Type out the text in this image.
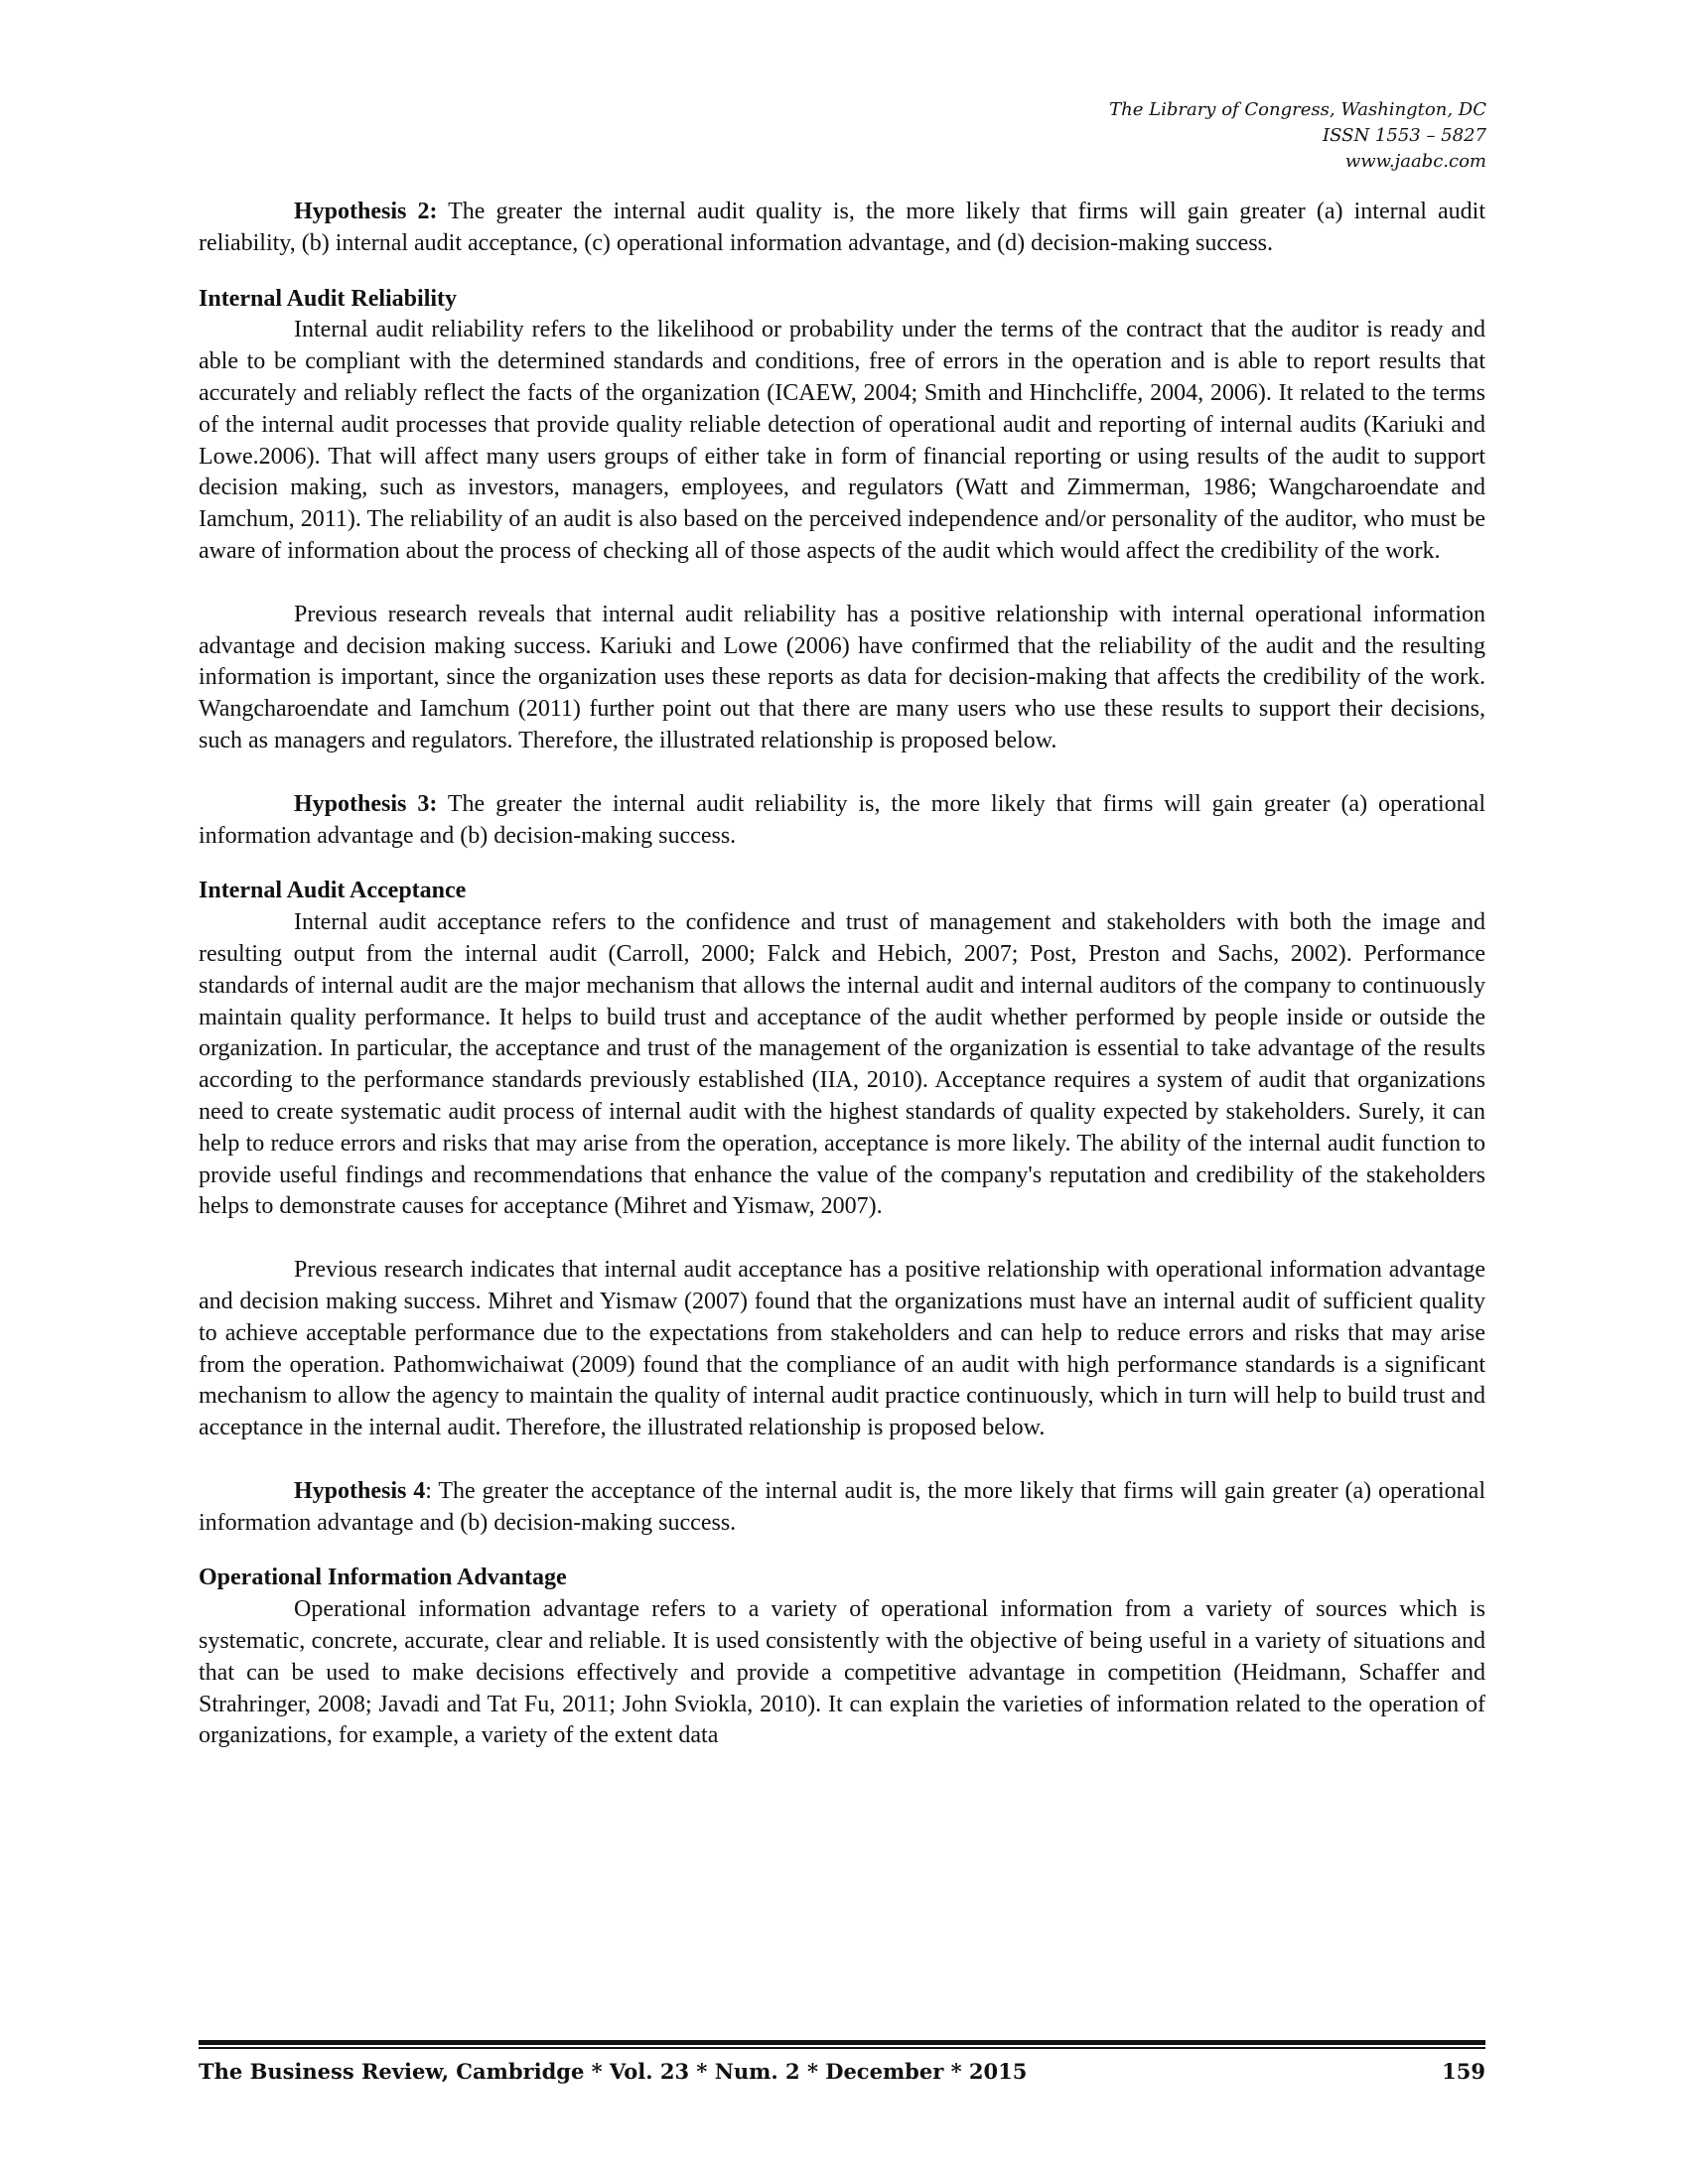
The Library of Congress, Washington, DC
ISSN 1553 – 5827
www.jaabc.com

Hypothesis 2: The greater the internal audit quality is, the more likely that firms will gain greater (a) internal audit reliability, (b) internal audit acceptance, (c) operational information advantage, and (d) decision-making success.

Internal Audit Reliability

Internal audit reliability refers to the likelihood or probability under the terms of the contract that the auditor is ready and able to be compliant with the determined standards and conditions, free of errors in the operation and is able to report results that accurately and reliably reflect the facts of the organization (ICAEW, 2004; Smith and Hinchcliffe, 2004, 2006). It related to the terms of the internal audit processes that provide quality reliable detection of operational audit and reporting of internal audits (Kariuki and Lowe.2006). That will affect many users groups of either take in form of financial reporting or using results of the audit to support decision making, such as investors, managers, employees, and regulators (Watt and Zimmerman, 1986; Wangcharoendate and Iamchum, 2011). The reliability of an audit is also based on the perceived independence and/or personality of the auditor, who must be aware of information about the process of checking all of those aspects of the audit which would affect the credibility of the work.

Previous research reveals that internal audit reliability has a positive relationship with internal operational information advantage and decision making success. Kariuki and Lowe (2006) have confirmed that the reliability of the audit and the resulting information is important, since the organization uses these reports as data for decision-making that affects the credibility of the work. Wangcharoendate and Iamchum (2011) further point out that there are many users who use these results to support their decisions, such as managers and regulators. Therefore, the illustrated relationship is proposed below.

Hypothesis 3: The greater the internal audit reliability is, the more likely that firms will gain greater (a) operational information advantage and (b) decision-making success.

Internal Audit Acceptance

Internal audit acceptance refers to the confidence and trust of management and stakeholders with both the image and resulting output from the internal audit (Carroll, 2000; Falck and Hebich, 2007; Post, Preston and Sachs, 2002). Performance standards of internal audit are the major mechanism that allows the internal audit and internal auditors of the company to continuously maintain quality performance. It helps to build trust and acceptance of the audit whether performed by people inside or outside the organization. In particular, the acceptance and trust of the management of the organization is essential to take advantage of the results according to the performance standards previously established (IIA, 2010). Acceptance requires a system of audit that organizations need to create systematic audit process of internal audit with the highest standards of quality expected by stakeholders. Surely, it can help to reduce errors and risks that may arise from the operation, acceptance is more likely. The ability of the internal audit function to provide useful findings and recommendations that enhance the value of the company's reputation and credibility of the stakeholders helps to demonstrate causes for acceptance (Mihret and Yismaw, 2007).

Previous research indicates that internal audit acceptance has a positive relationship with operational information advantage and decision making success. Mihret and Yismaw (2007) found that the organizations must have an internal audit of sufficient quality to achieve acceptable performance due to the expectations from stakeholders and can help to reduce errors and risks that may arise from the operation. Pathomwichaiwat (2009) found that the compliance of an audit with high performance standards is a significant mechanism to allow the agency to maintain the quality of internal audit practice continuously, which in turn will help to build trust and acceptance in the internal audit. Therefore, the illustrated relationship is proposed below.

Hypothesis 4: The greater the acceptance of the internal audit is, the more likely that firms will gain greater (a) operational information advantage and (b) decision-making success.

Operational Information Advantage

Operational information advantage refers to a variety of operational information from a variety of sources which is systematic, concrete, accurate, clear and reliable. It is used consistently with the objective of being useful in a variety of situations and that can be used to make decisions effectively and provide a competitive advantage in competition (Heidmann, Schaffer and Strahringer, 2008; Javadi and Tat Fu, 2011; John Sviokla, 2010). It can explain the varieties of information related to the operation of organizations, for example, a variety of the extent data

The Business Review, Cambridge * Vol. 23 * Num. 2 * December * 2015	159
